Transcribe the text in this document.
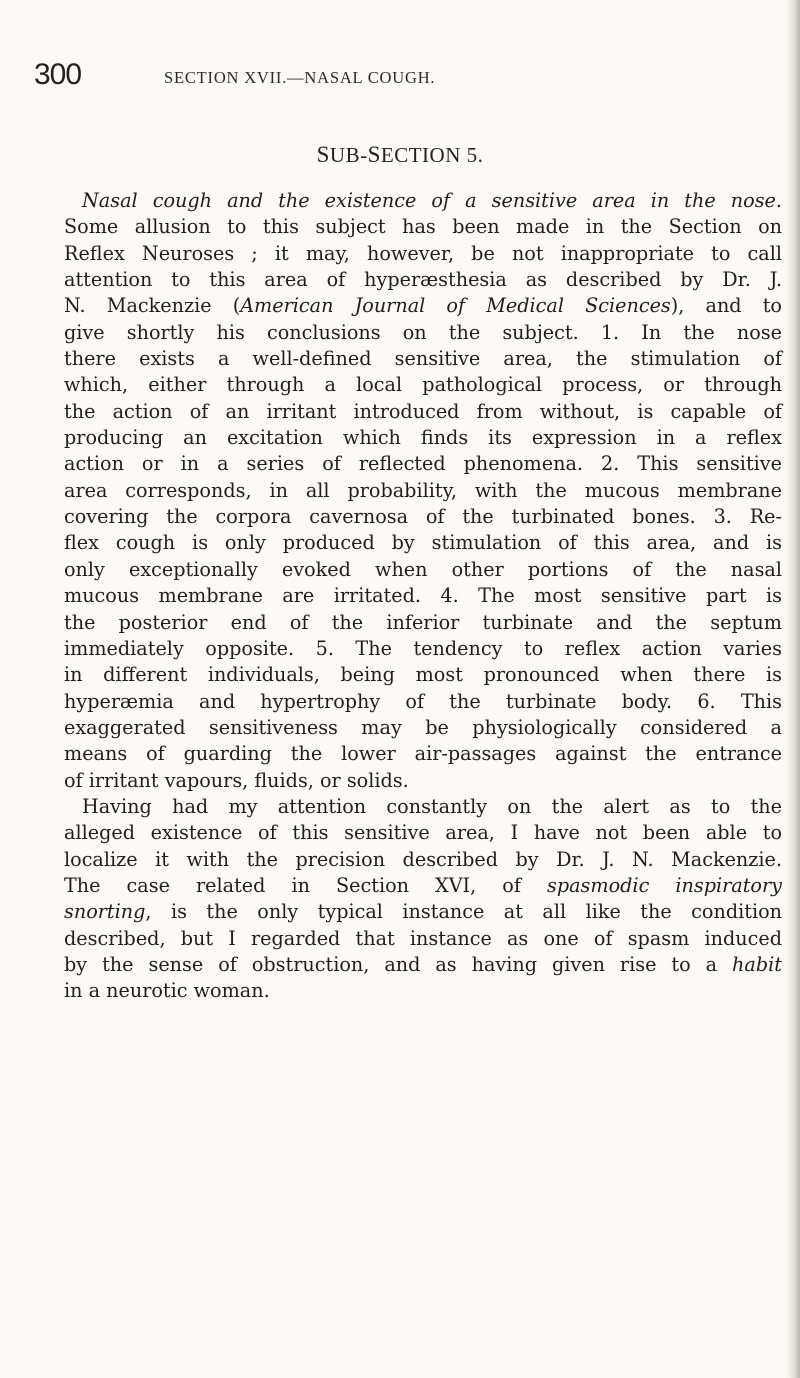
300	SECTION XVII.—NASAL COUGH.
SUB-SECTION 5.
Nasal cough and the existence of a sensitive area in the nose.
Some allusion to this subject has been made in the Section on
Reflex Neuroses ; it may, however, be not inappropriate to call
attention to this area of hyperæsthesia as described by Dr. J.
N. Mackenzie (American Journal of Medical Sciences), and to
give shortly his conclusions on the subject. 1. In the nose
there exists a well-defined sensitive area, the stimulation of
which, either through a local pathological process, or through
the action of an irritant introduced from without, is capable of
producing an excitation which finds its expression in a reflex
action or in a series of reflected phenomena. 2. This sensitive
area corresponds, in all probability, with the mucous membrane
covering the corpora cavernosa of the turbinated bones. 3. Re-
flex cough is only produced by stimulation of this area, and is
only exceptionally evoked when other portions of the nasal
mucous membrane are irritated. 4. The most sensitive part is
the posterior end of the inferior turbinate and the septum
immediately opposite. 5. The tendency to reflex action varies
in different individuals, being most pronounced when there is
hyperæmia and hypertrophy of the turbinate body. 6. This
exaggerated sensitiveness may be physiologically considered a
means of guarding the lower air-passages against the entrance
of irritant vapours, fluids, or solids.
Having had my attention constantly on the alert as to the
alleged existence of this sensitive area, I have not been able to
localize it with the precision described by Dr. J. N. Mackenzie.
The case related in Section XVI, of spasmodic inspiratory
snorting, is the only typical instance at all like the condition
described, but I regarded that instance as one of spasm induced
by the sense of obstruction, and as having given rise to a habit
in a neurotic woman.
